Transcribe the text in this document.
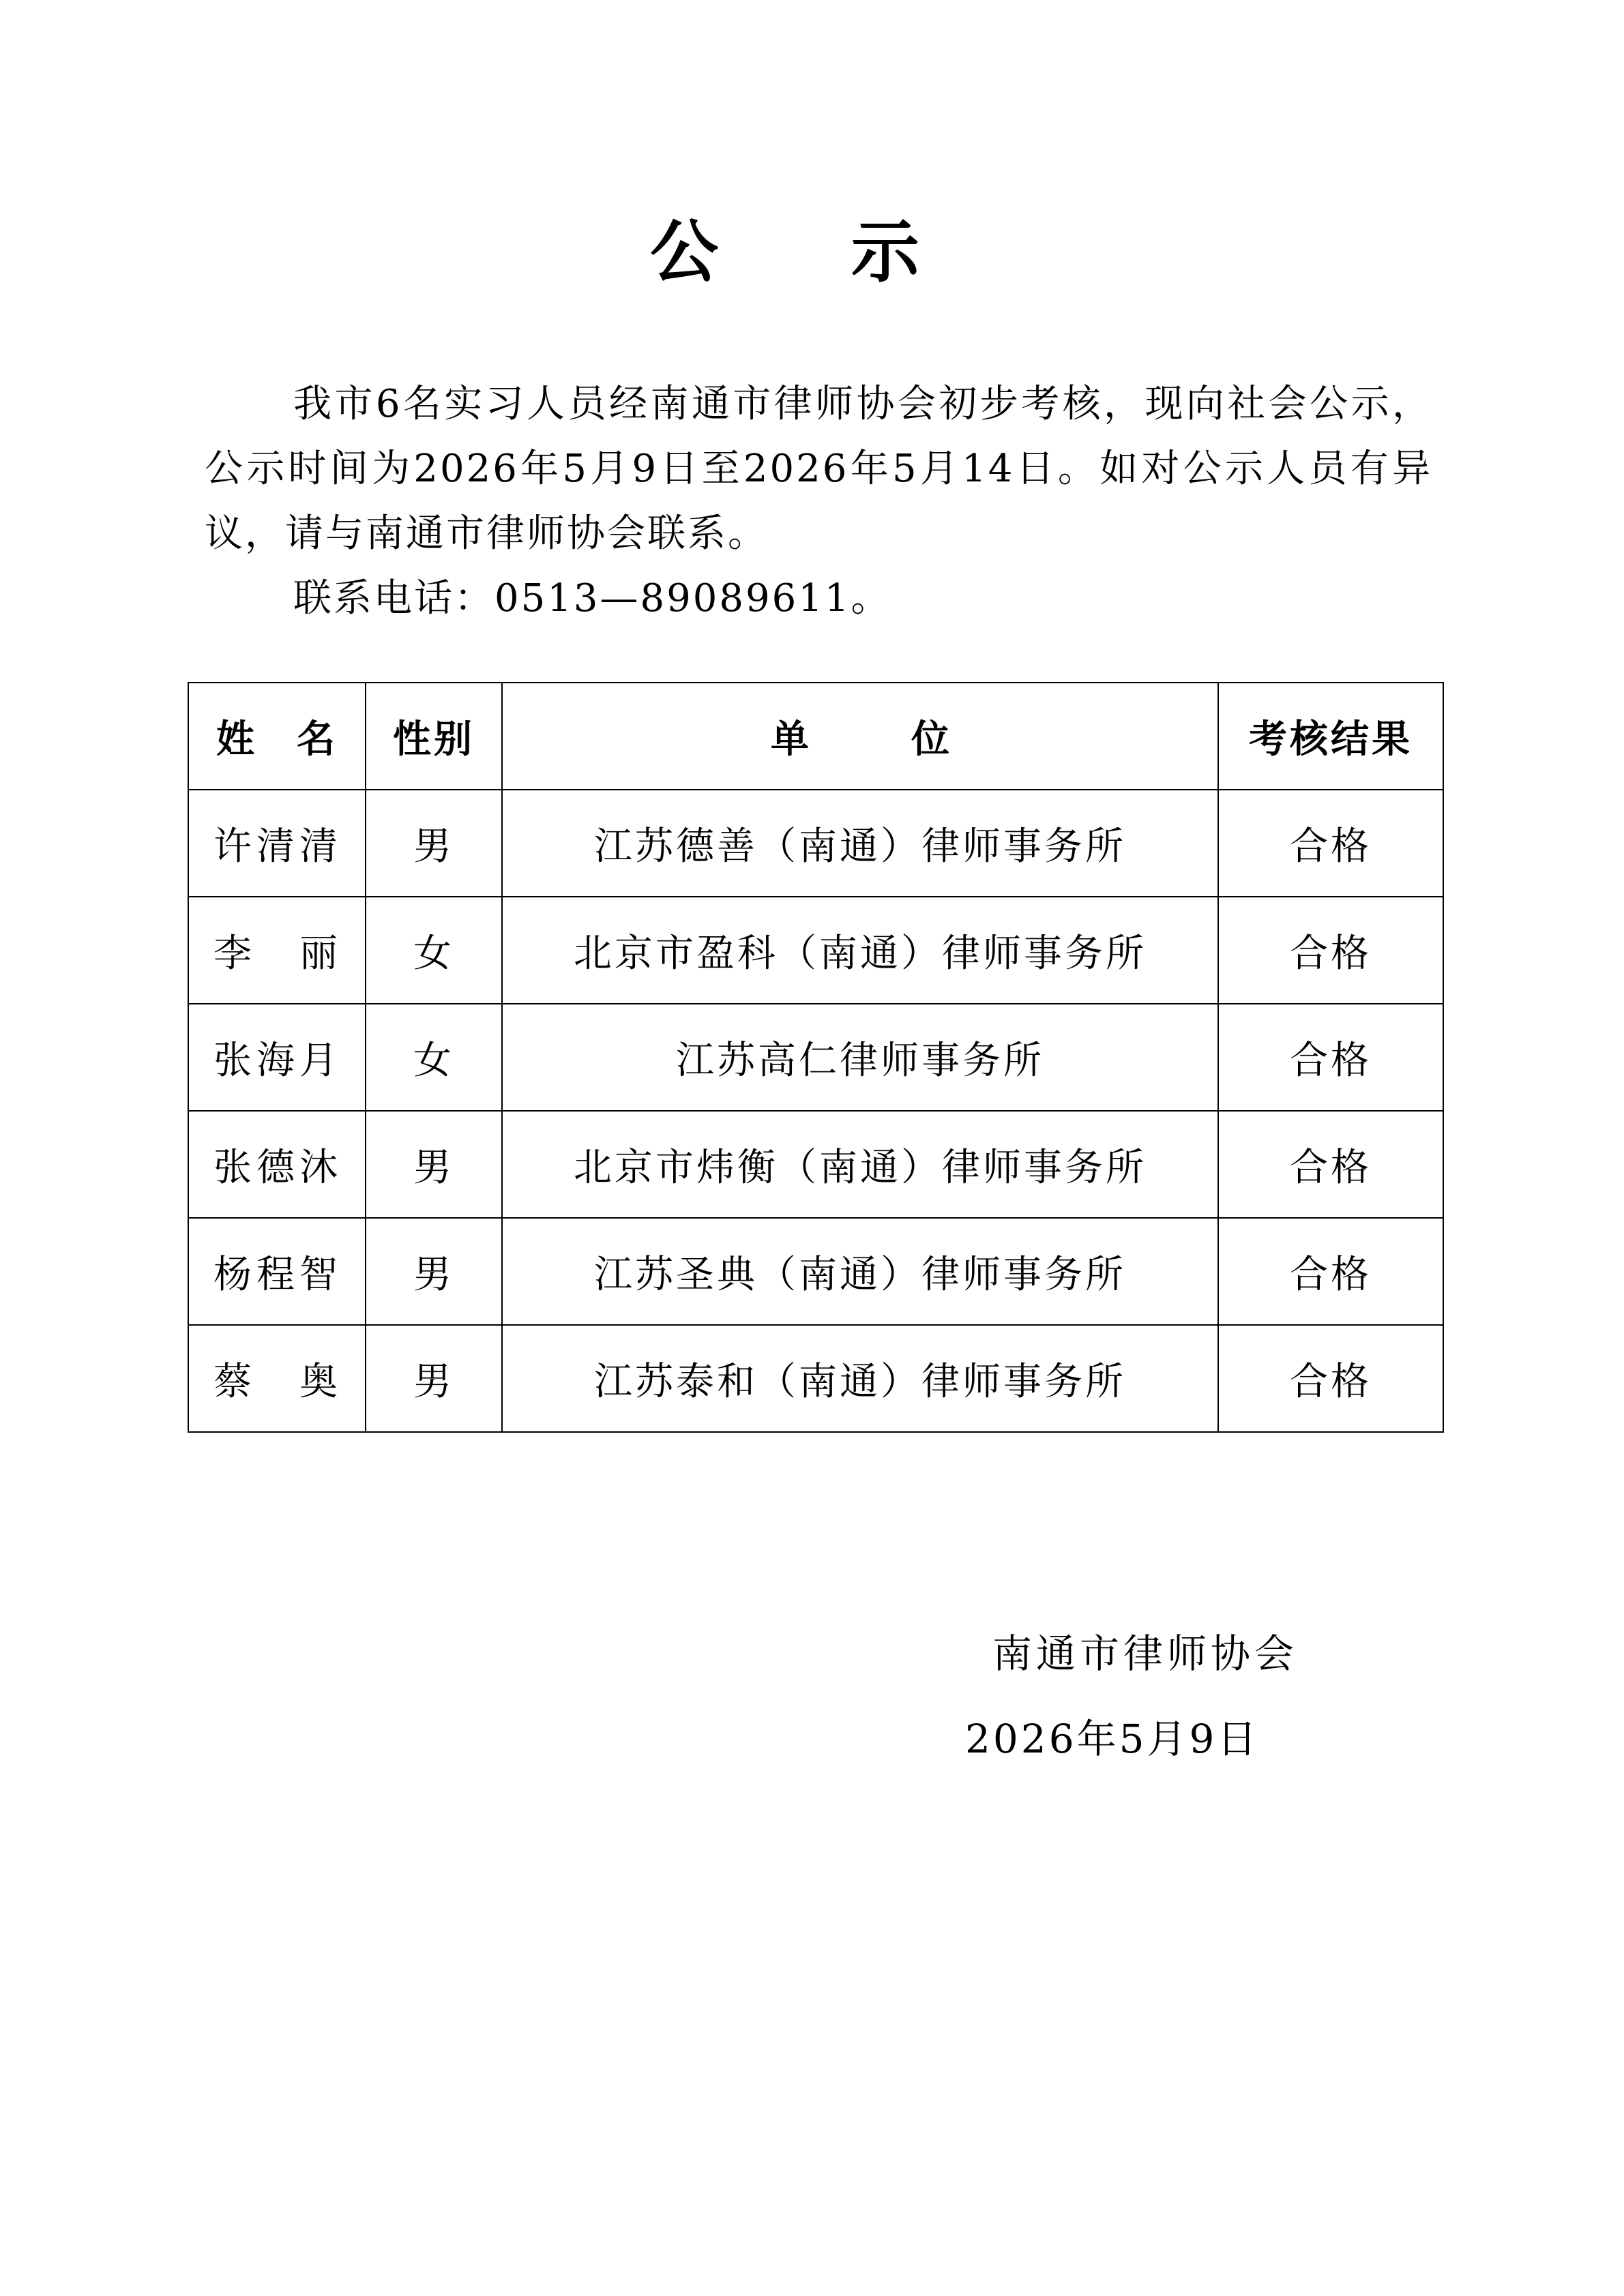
公 示

我市6名实习人员经南通市律师协会初步考核，现向社会公示，公示时间为2026年5月9日至2026年5月14日。如对公示人员有异议，请与南通市律师协会联系。

联系电话：0513—89089611。

姓名	性别	单位	考核结果
许清清	男	江苏德善（南通）律师事务所	合格
李丽	女	北京市盈科（南通）律师事务所	合格
张海月	女	江苏高仁律师事务所	合格
张德沐	男	北京市炜衡（南通）律师事务所	合格
杨程智	男	江苏圣典（南通）律师事务所	合格
蔡奥	男	江苏泰和（南通）律师事务所	合格
南通市律师协会
2026年5月9日
